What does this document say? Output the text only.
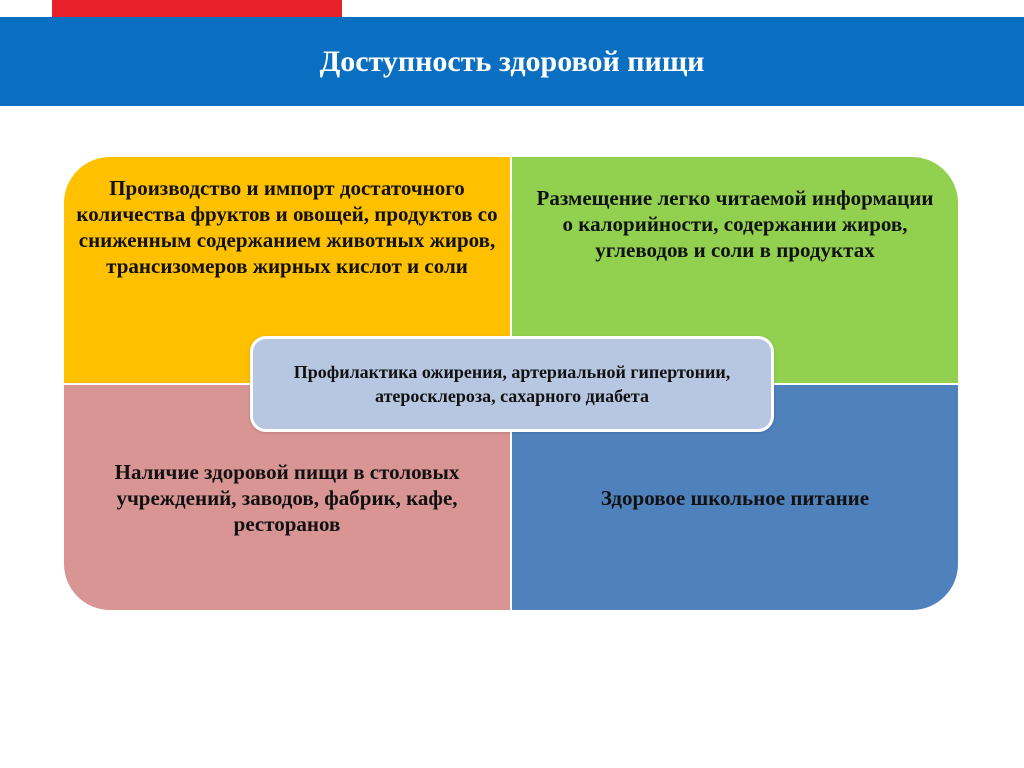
Доступность здоровой пищи
Производство и импорт достаточного количества фруктов и овощей, продуктов со сниженным содержанием животных жиров, трансизомеров жирных кислот и соли
Размещение легко читаемой информации о калорийности, содержании жиров, углеводов и соли в продуктах
Наличие здоровой пищи в столовых учреждений, заводов, фабрик, кафе, ресторанов
Здоровое школьное питание
Профилактика ожирения, артериальной гипертонии, атеросклероза, сахарного диабета
